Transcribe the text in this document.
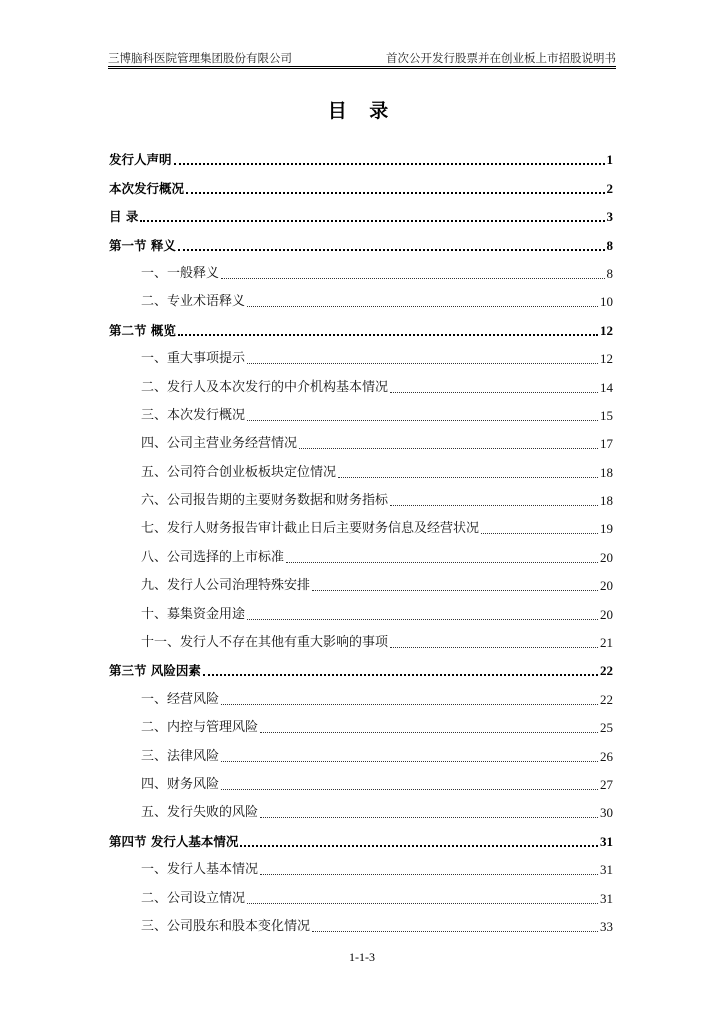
三博脑科医院管理集团股份有限公司	首次公开发行股票并在创业板上市招股说明书
目 录
发行人声明	1
本次发行概况	2
目 录	3
第一节 释义	8
一、一般释义	8
二、专业术语释义	10
第二节 概览	12
一、重大事项提示	12
二、发行人及本次发行的中介机构基本情况	14
三、本次发行概况	15
四、公司主营业务经营情况	17
五、公司符合创业板板块定位情况	18
六、公司报告期的主要财务数据和财务指标	18
七、发行人财务报告审计截止日后主要财务信息及经营状况	19
八、公司选择的上市标准	20
九、发行人公司治理特殊安排	20
十、募集资金用途	20
十一、发行人不存在其他有重大影响的事项	21
第三节 风险因素	22
一、经营风险	22
二、内控与管理风险	25
三、法律风险	26
四、财务风险	27
五、发行失败的风险	30
第四节 发行人基本情况	31
一、发行人基本情况	31
二、公司设立情况	31
三、公司股东和股本变化情况	33
1-1-3
